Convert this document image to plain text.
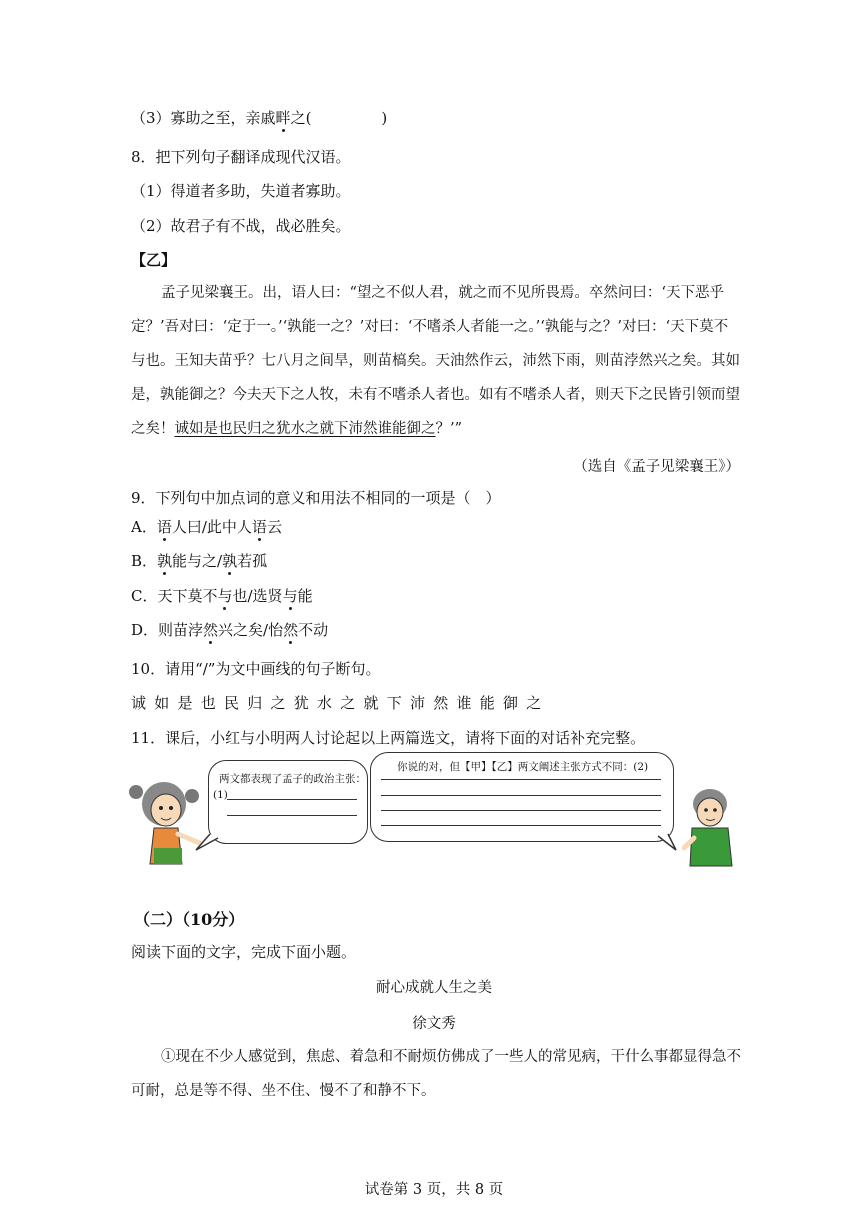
（3）寡助之至，亲戚畔之(	)
8．把下列句子翻译成现代汉语。
（1）得道者多助，失道者寡助。
（2）故君子有不战，战必胜矣。
【乙】
孟子见梁襄王。出，语人曰：“望之不似人君，就之而不见所畏焉。卒然问曰：‘天下恶乎定？’吾对曰：‘定于一。’‘孰能一之？’对曰：‘不嗜杀人者能一之。’‘孰能与之？’对曰：‘天下莫不与也。王知夫苗乎？七八月之间旱，则苗槁矣。天油然作云，沛然下雨，则苗浡然兴之矣。其如是，孰能御之？今夫天下之人牧，未有不嗜杀人者也。如有不嗜杀人者，则天下之民皆引领而望之矣！诚如是也民归之犹水之就下沛然谁能御之？’”
（选自《孟子见梁襄王》）
9．下列句中加点词的意义和用法不相同的一项是（　）
A．语人曰/此中人语云
B．孰能与之/孰若孤
C．天下莫不与也/选贤与能
D．则苗浡然兴之矣/怡然不动
10．请用“/”为文中画线的句子断句。
诚如是也民归之犹水之就下沛然谁能御之
11．课后，小红与小明两人讨论起以上两篇选文，请将下面的对话补充完整。
两文都表现了孟子的政治主张：
(1)
你说的对，但【甲】【乙】两文阐述主张方式不同：(2)
（二）（10分）
阅读下面的文字，完成下面小题。
耐心成就人生之美
徐文秀
①现在不少人感觉到，焦虑、着急和不耐烦仿佛成了一些人的常见病，干什么事都显得急不可耐，总是等不得、坐不住、慢不了和静不下。
试卷第 3 页，共 8 页
